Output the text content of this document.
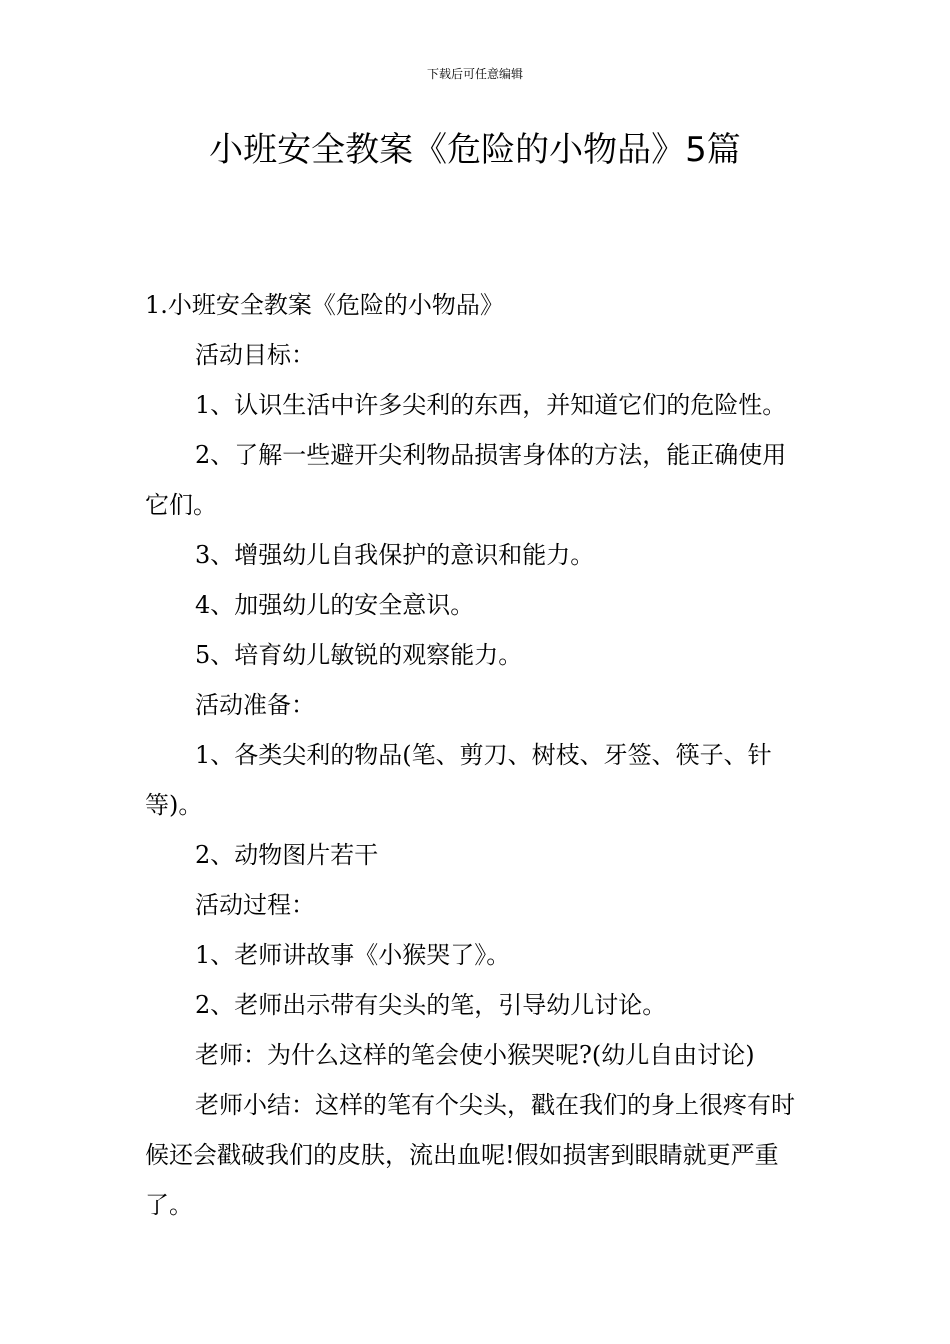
下载后可任意编辑
小班安全教案《危险的小物品》5篇

1.小班安全教案《危险的小物品》

活动目标：

1、认识生活中许多尖利的东西，并知道它们的危险性。

2、了解一些避开尖利物品损害身体的方法，能正确使用它们。

3、增强幼儿自我保护的意识和能力。

4、加强幼儿的安全意识。

5、培育幼儿敏锐的观察能力。

活动准备：

1、各类尖利的物品(笔、剪刀、树枝、牙签、筷子、针等)。

2、动物图片若干

活动过程：

1、老师讲故事《小猴哭了》。

2、老师出示带有尖头的笔，引导幼儿讨论。

老师：为什么这样的笔会使小猴哭呢?(幼儿自由讨论)

老师小结：这样的笔有个尖头，戳在我们的身上很疼有时候还会戳破我们的皮肤，流出血呢!假如损害到眼睛就更严重了。
